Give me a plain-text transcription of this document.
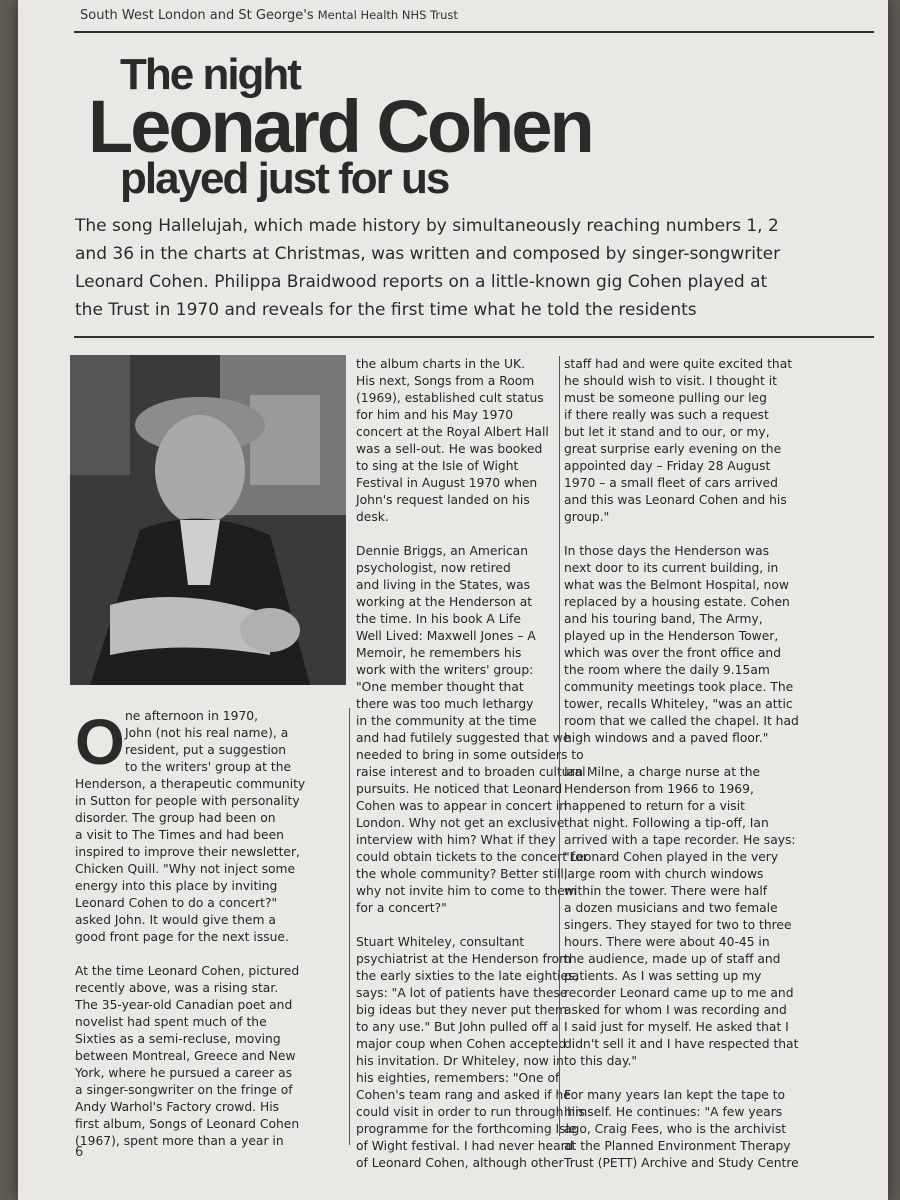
South West London and St George's Mental Health NHS Trust
The night
Leonard Cohen
played just for us
The song Hallelujah, which made history by simultaneously reaching numbers 1, 2
and 36 in the charts at Christmas, was written and composed by singer-songwriter
Leonard Cohen. Philippa Braidwood reports on a little-known gig Cohen played at
the Trust in 1970 and reveals for the first time what he told the residents
O ne afternoon in 1970,
John (not his real name), a
resident, put a suggestion
to the writers' group at the
Henderson, a therapeutic community
in Sutton for people with personality
disorder. The group had been on
a visit to The Times and had been
inspired to improve their newsletter,
Chicken Quill. "Why not inject some
energy into this place by inviting
Leonard Cohen to do a concert?"
asked John. It would give them a
good front page for the next issue.
At the time Leonard Cohen, pictured
recently above, was a rising star.
The 35-year-old Canadian poet and
novelist had spent much of the
Sixties as a semi-recluse, moving
between Montreal, Greece and New
York, where he pursued a career as
a singer-songwriter on the fringe of
Andy Warhol's Factory crowd. His
first album, Songs of Leonard Cohen
(1967), spent more than a year in
the album charts in the UK.
His next, Songs from a Room
(1969), established cult status
for him and his May 1970
concert at the Royal Albert Hall
was a sell-out. He was booked
to sing at the Isle of Wight
Festival in August 1970 when
John's request landed on his
desk.
Dennie Briggs, an American
psychologist, now retired
and living in the States, was
working at the Henderson at
the time. In his book A Life
Well Lived: Maxwell Jones – A
Memoir, he remembers his
work with the writers' group:
"One member thought that
there was too much lethargy
in the community at the time
and had futilely suggested that we
needed to bring in some outsiders to
raise interest and to broaden cultural
pursuits. He noticed that Leonard
Cohen was to appear in concert in
London. Why not get an exclusive
interview with him? What if they
could obtain tickets to the concert for
the whole community? Better still,
why not invite him to come to them
for a concert?"
Stuart Whiteley, consultant
psychiatrist at the Henderson from
the early sixties to the late eighties,
says: "A lot of patients have these
big ideas but they never put them
to any use." But John pulled off a
major coup when Cohen accepted
his invitation. Dr Whiteley, now in
his eighties, remembers: "One of
Cohen's team rang and asked if he
could visit in order to run through his
programme for the forthcoming Isle
of Wight festival. I had never heard
of Leonard Cohen, although other
staff had and were quite excited that
he should wish to visit. I thought it
must be someone pulling our leg
if there really was such a request
but let it stand and to our, or my,
great surprise early evening on the
appointed day – Friday 28 August
1970 – a small fleet of cars arrived
and this was Leonard Cohen and his
group."
In those days the Henderson was
next door to its current building, in
what was the Belmont Hospital, now
replaced by a housing estate. Cohen
and his touring band, The Army,
played up in the Henderson Tower,
which was over the front office and
the room where the daily 9.15am
community meetings took place. The
tower, recalls Whiteley, "was an attic
room that we called the chapel. It had
high windows and a paved floor."
Ian Milne, a charge nurse at the
Henderson from 1966 to 1969,
happened to return for a visit
that night. Following a tip-off, Ian
arrived with a tape recorder. He says:
"Leonard Cohen played in the very
large room with church windows
within the tower. There were half
a dozen musicians and two female
singers. They stayed for two to three
hours. There were about 40-45 in
the audience, made up of staff and
patients. As I was setting up my
recorder Leonard came up to me and
asked for whom I was recording and
I said just for myself. He asked that I
didn't sell it and I have respected that
to this day."
For many years Ian kept the tape to
himself. He continues: "A few years
ago, Craig Fees, who is the archivist
at the Planned Environment Therapy
Trust (PETT) Archive and Study Centre
6
